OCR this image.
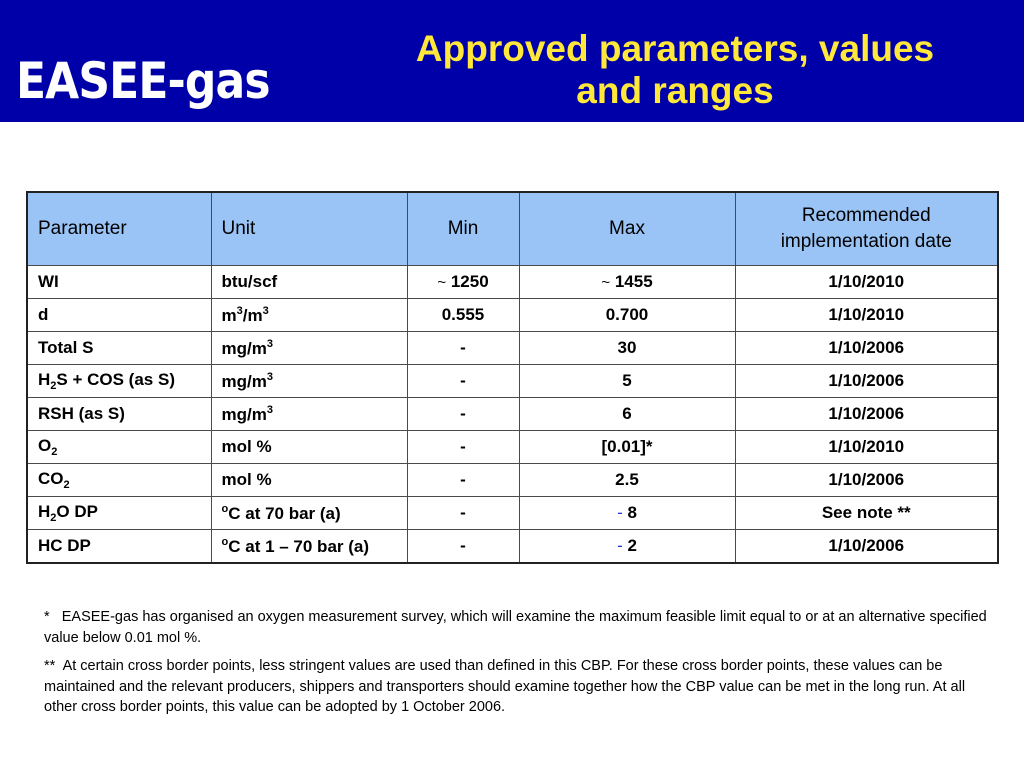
EASEE-gas
Approved parameters, values
and ranges
Parameter	Unit	Min	Max	Recommended implementation date
WI	btu/scf	~ 1250	~ 1455	1/10/2010
d	$m^3/m^3$	0.555	0.700	1/10/2010
Total S	$mg/m^3$	-	30	1/10/2006
$H_2S$ + COS (as S)	$mg/m^3$	-	5	1/10/2006
RSH (as S)	$mg/m^3$	-	6	1/10/2006
$O_2$	mol %	-	[0.01]*	1/10/2010
$CO_2$	mol %	-	2.5	1/10/2006
$H_2O$ DP	$^o$C at 70 bar (a)	-	- 8	See note **
HC DP	$^o$C at 1 – 70 bar (a)	-	- 2	1/10/2006

* EASEE-gas has organised an oxygen measurement survey, which will examine the maximum feasible limit equal to or at an alternative specified value below 0.01 mol %.

** At certain cross border points, less stringent values are used than defined in this CBP. For these cross border points, these values can be maintained and the relevant producers, shippers and transporters should examine together how the CBP value can be met in the long run. At all other cross border points, this value can be adopted by 1 October 2006.
